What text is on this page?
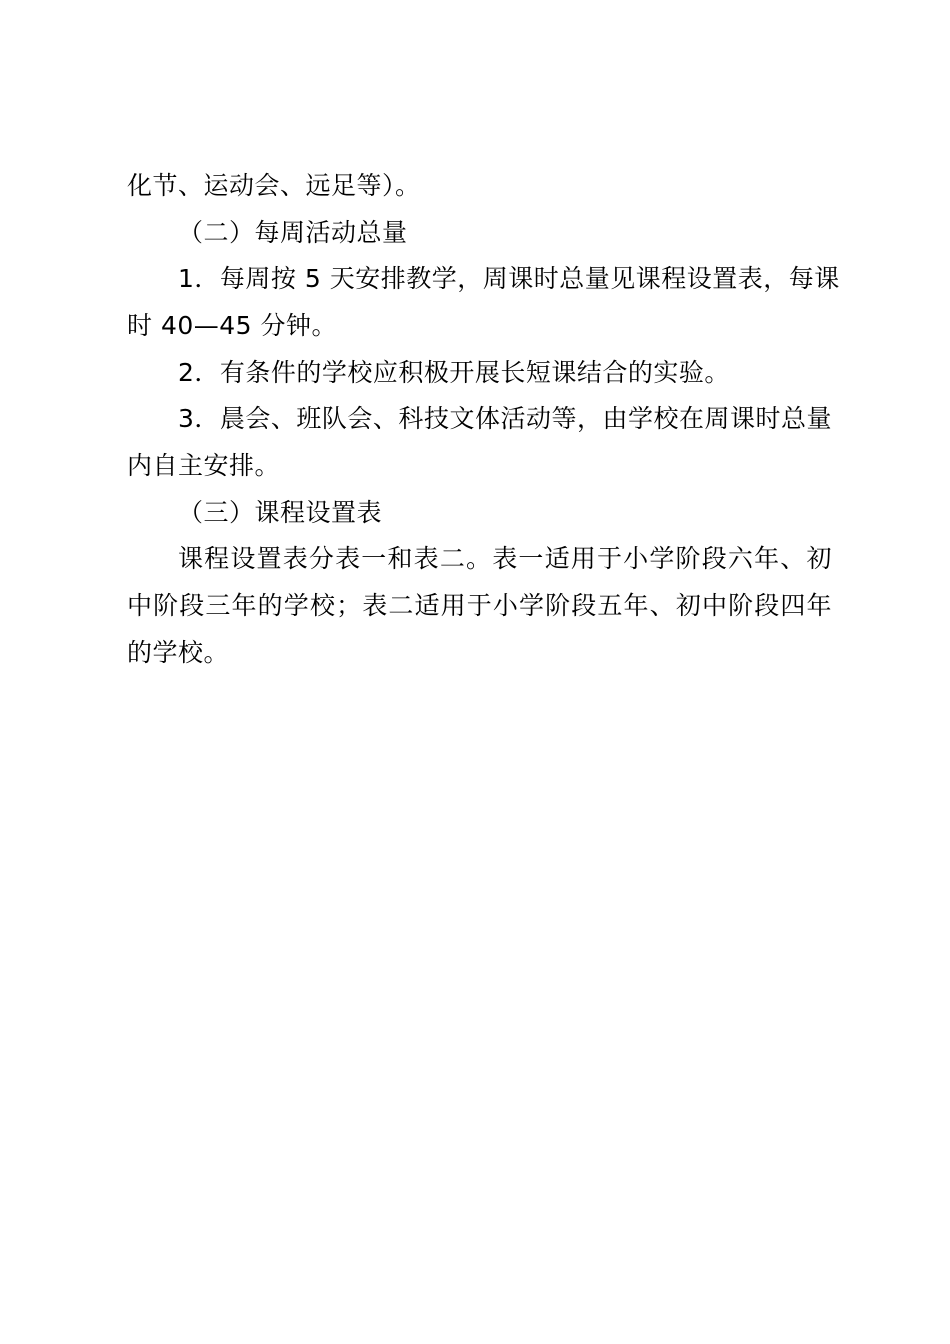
化节、运动会、远足等）。
（二）每周活动总量
1．每周按 5 天安排教学，周课时总量见课程设置表，每课
时 40—45 分钟。
2．有条件的学校应积极开展长短课结合的实验。
3．晨会、班队会、科技文体活动等，由学校在周课时总量
内自主安排。
（三）课程设置表
课程设置表分表一和表二。表一适用于小学阶段六年、初
中阶段三年的学校；表二适用于小学阶段五年、初中阶段四年
的学校。
